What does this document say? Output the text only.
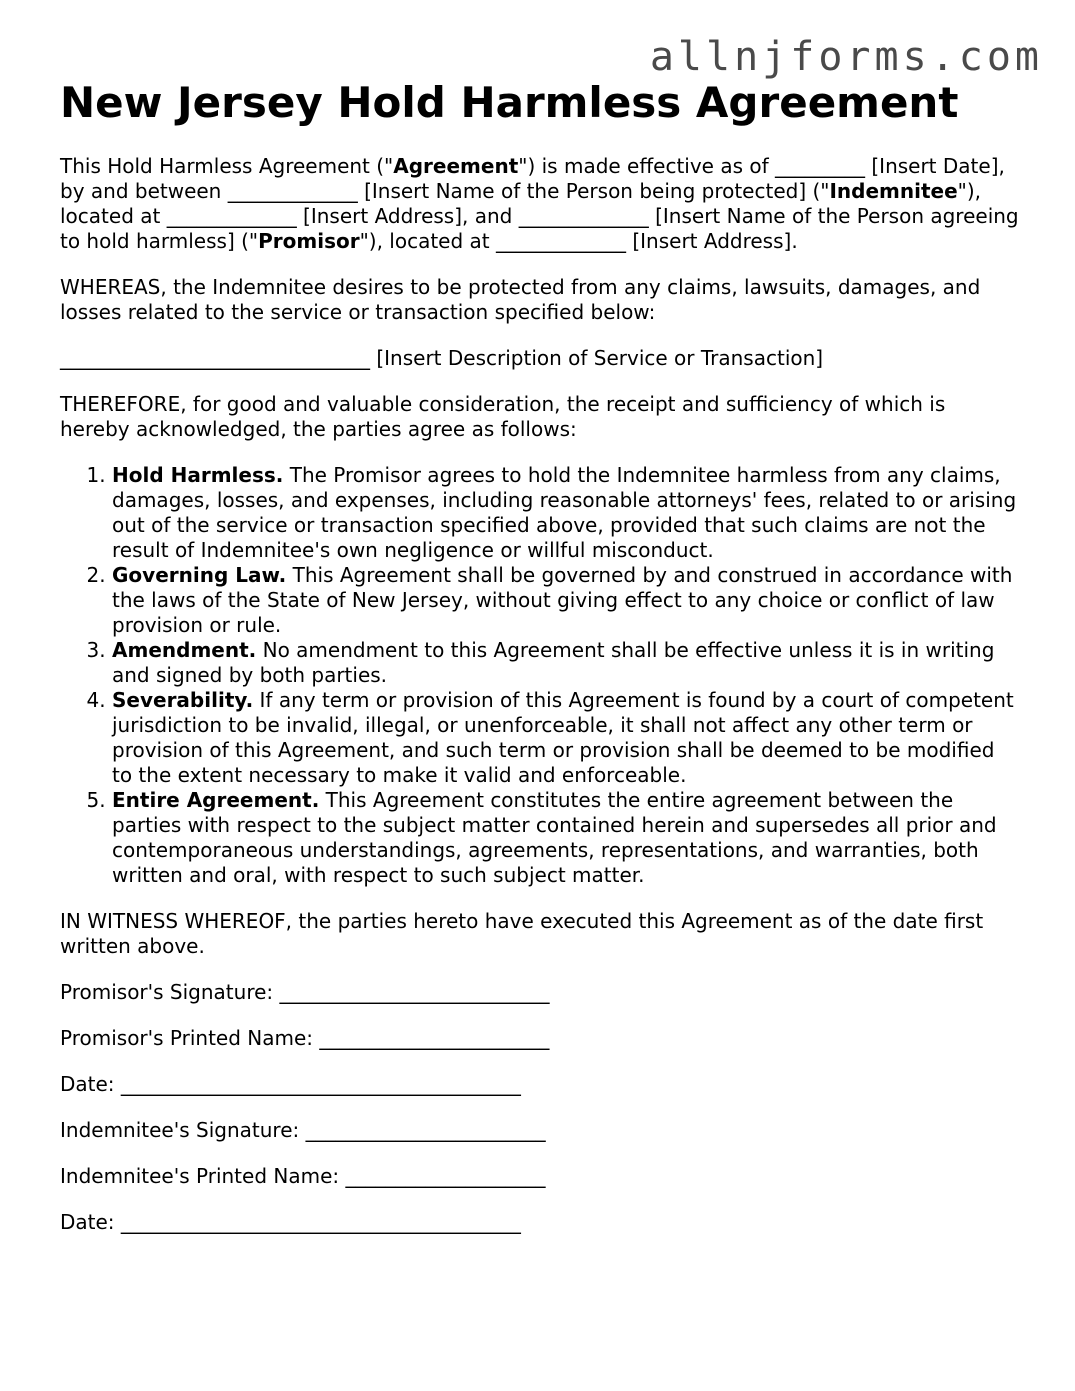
allnjforms.com
New Jersey Hold Harmless Agreement

This Hold Harmless Agreement ("Agreement") is made effective as of _________ [Insert Date], by and between _____________ [Insert Name of the Person being protected] ("Indemnitee"), located at _____________ [Insert Address], and _____________ [Insert Name of the Person agreeing to hold harmless] ("Promisor"), located at _____________ [Insert Address].

WHEREAS, the Indemnitee desires to be protected from any claims, lawsuits, damages, and losses related to the service or transaction specified below:

_______________________________ [Insert Description of Service or Transaction]

THEREFORE, for good and valuable consideration, the receipt and sufficiency of which is hereby acknowledged, the parties agree as follows:

1. Hold Harmless. The Promisor agrees to hold the Indemnitee harmless from any claims, damages, losses, and expenses, including reasonable attorneys' fees, related to or arising out of the service or transaction specified above, provided that such claims are not the result of Indemnitee's own negligence or willful misconduct.
2. Governing Law. This Agreement shall be governed by and construed in accordance with the laws of the State of New Jersey, without giving effect to any choice or conflict of law provision or rule.
3. Amendment. No amendment to this Agreement shall be effective unless it is in writing and signed by both parties.
4. Severability. If any term or provision of this Agreement is found by a court of competent jurisdiction to be invalid, illegal, or unenforceable, it shall not affect any other term or provision of this Agreement, and such term or provision shall be deemed to be modified to the extent necessary to make it valid and enforceable.
5. Entire Agreement. This Agreement constitutes the entire agreement between the parties with respect to the subject matter contained herein and supersedes all prior and contemporaneous understandings, agreements, representations, and warranties, both written and oral, with respect to such subject matter.

IN WITNESS WHEREOF, the parties hereto have executed this Agreement as of the date first written above.

Promisor's Signature: ___________________________

Promisor's Printed Name: _______________________

Date: ________________________________________

Indemnitee's Signature: ________________________

Indemnitee's Printed Name: ____________________

Date: ________________________________________
